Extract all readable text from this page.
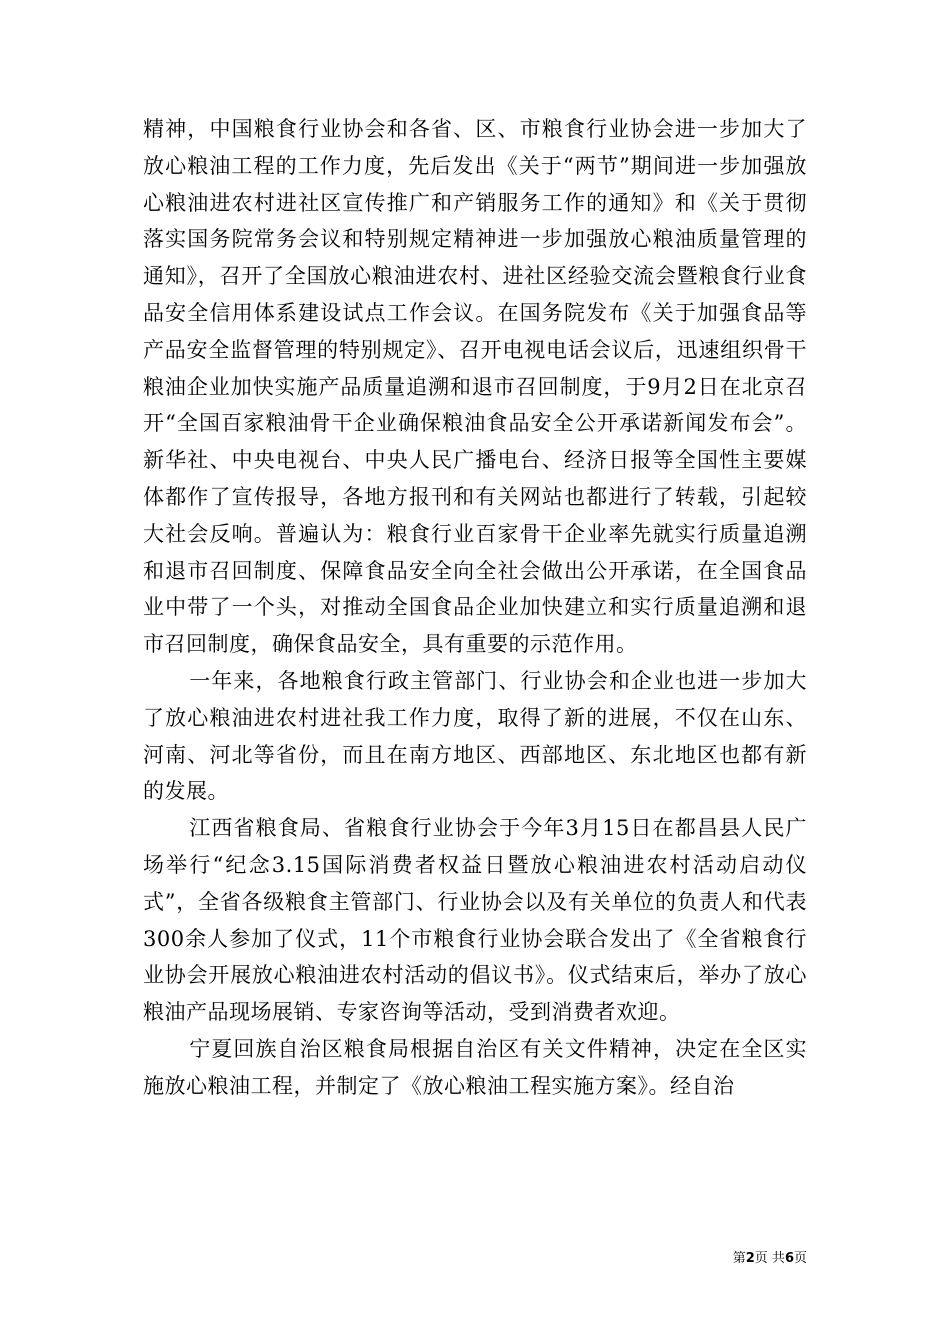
精神，中国粮食行业协会和各省、区、市粮食行业协会进一步加大了放心粮油工程的工作力度，先后发出《关于“两节”期间进一步加强放心粮油进农村进社区宣传推广和产销服务工作的通知》和《关于贯彻落实国务院常务会议和特别规定精神进一步加强放心粮油质量管理的通知》，召开了全国放心粮油进农村、进社区经验交流会暨粮食行业食品安全信用体系建设试点工作会议。在国务院发布《关于加强食品等产品安全监督管理的特别规定》、召开电视电话会议后，迅速组织骨干粮油企业加快实施产品质量追溯和退市召回制度，于9月2日在北京召开“全国百家粮油骨干企业确保粮油食品安全公开承诺新闻发布会”。新华社、中央电视台、中央人民广播电台、经济日报等全国性主要媒体都作了宣传报导，各地方报刊和有关网站也都进行了转载，引起较大社会反响。普遍认为：粮食行业百家骨干企业率先就实行质量追溯和退市召回制度、保障食品安全向全社会做出公开承诺，在全国食品业中带了一个头，对推动全国食品企业加快建立和实行质量追溯和退市召回制度，确保食品安全，具有重要的示范作用。

一年来，各地粮食行政主管部门、行业协会和企业也进一步加大了放心粮油进农村进社我工作力度，取得了新的进展，不仅在山东、河南、河北等省份，而且在南方地区、西部地区、东北地区也都有新的发展。

江西省粮食局、省粮食行业协会于今年3月15日在都昌县人民广场举行“纪念3.15国际消费者权益日暨放心粮油进农村活动启动仪式”，全省各级粮食主管部门、行业协会以及有关单位的负责人和代表300余人参加了仪式，11个市粮食行业协会联合发出了《全省粮食行业协会开展放心粮油进农村活动的倡议书》。仪式结束后，举办了放心粮油产品现场展销、专家咨询等活动，受到消费者欢迎。

宁夏回族自治区粮食局根据自治区有关文件精神，决定在全区实施放心粮油工程，并制定了《放心粮油工程实施方案》。经自治

第2页 共6页
